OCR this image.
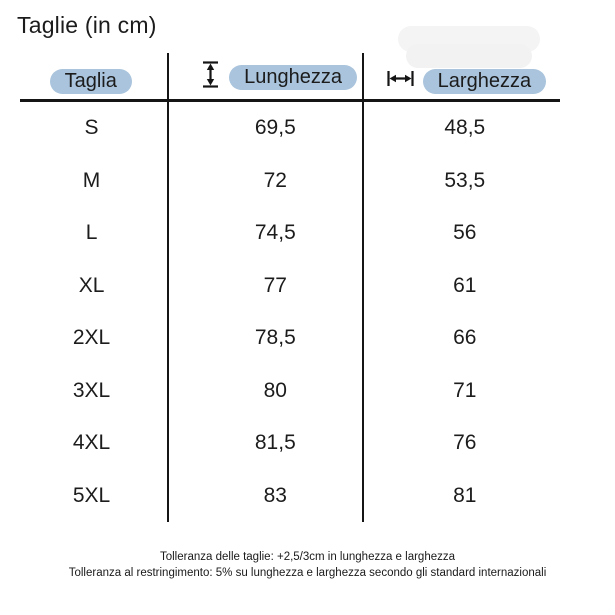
Taglie (in cm)
Taglia	Lunghezza	Larghezza
S	69,5	48,5
M	72	53,5
L	74,5	56
XL	77	61
2XL	78,5	66
3XL	80	71
4XL	81,5	76
5XL	83	81
Tolleranza delle taglie: +2,5/3cm in lunghezza e larghezza
Tolleranza al restringimento: 5% su lunghezza e larghezza secondo gli standard internazionali
